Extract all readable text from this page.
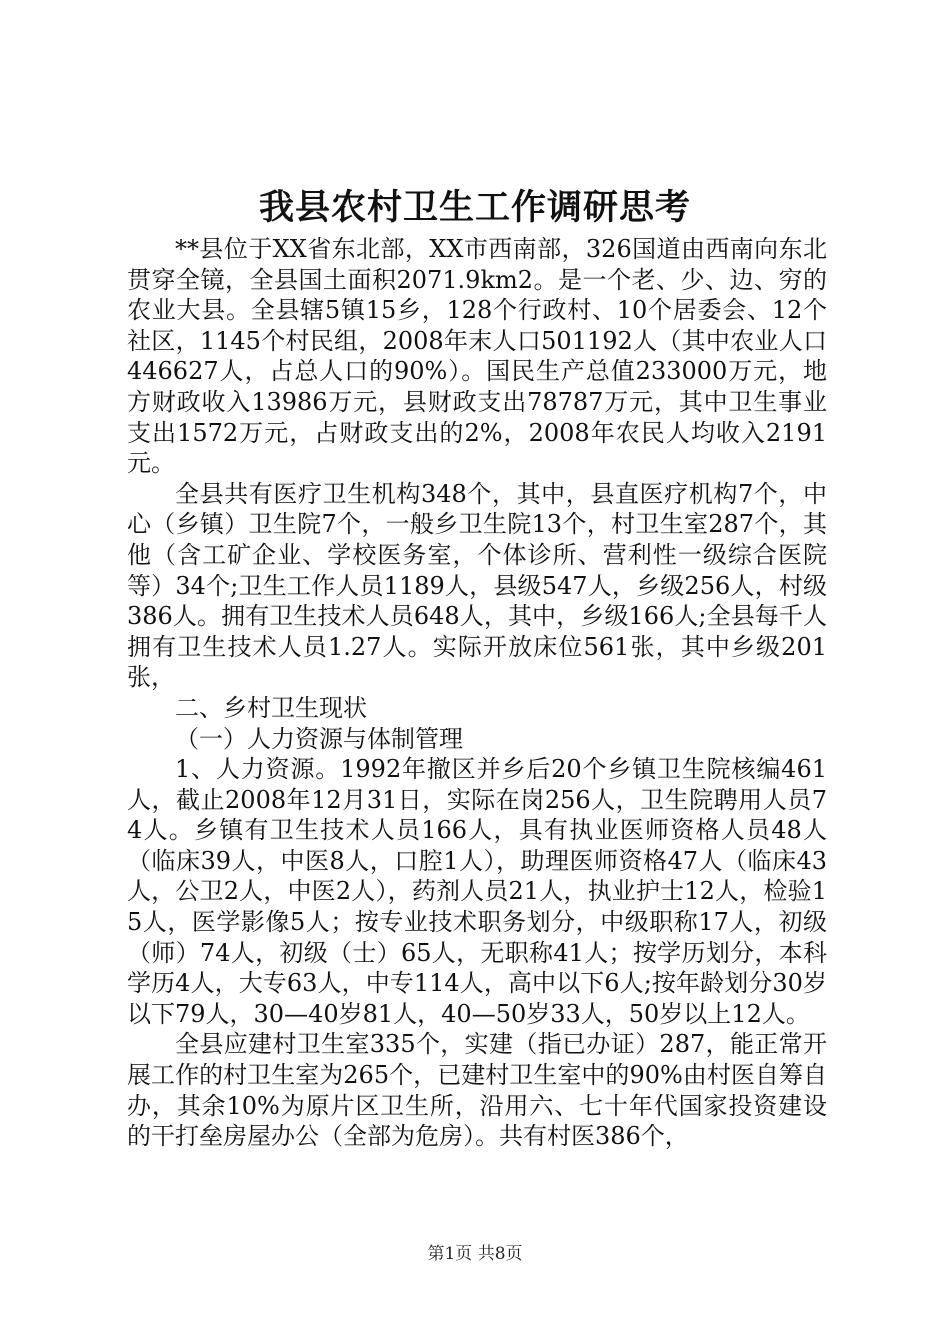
我县农村卫生工作调研思考

**县位于XX省东北部，XX市西南部，326国道由西南向东北贯穿全镜，全县国土面积2071.9km2。是一个老、少、边、穷的农业大县。全县辖5镇15乡，128个行政村、10个居委会、12个社区，1145个村民组，2008年末人口501192人（其中农业人口446627人，占总人口的90%）。国民生产总值233000万元，地方财政收入13986万元，县财政支出78787万元，其中卫生事业支出1572万元，占财政支出的2%，2008年农民人均收入2191元。

全县共有医疗卫生机构348个，其中，县直医疗机构7个，中心（乡镇）卫生院7个，一般乡卫生院13个，村卫生室287个，其他（含工矿企业、学校医务室，个体诊所、营利性一级综合医院等）34个;卫生工作人员1189人，县级547人，乡级256人，村级386人。拥有卫生技术人员648人，其中，乡级166人;全县每千人拥有卫生技术人员1.27人。实际开放床位561张，其中乡级201张，

二、乡村卫生现状

（一）人力资源与体制管理

1、人力资源。1992年撤区并乡后20个乡镇卫生院核编461人，截止2008年12月31日，实际在岗256人，卫生院聘用人员74人。乡镇有卫生技术人员166人，具有执业医师资格人员48人（临床39人，中医8人，口腔1人），助理医师资格47人（临床43人，公卫2人，中医2人），药剂人员21人，执业护士12人，检验15人，医学影像5人；按专业技术职务划分，中级职称17人，初级（师）74人，初级（士）65人，无职称41人；按学历划分，本科学历4人，大专63人，中专114人，高中以下6人;按年龄划分30岁以下79人，30—40岁81人，40—50岁33人，50岁以上12人。

全县应建村卫生室335个，实建（指已办证）287，能正常开展工作的村卫生室为265个，已建村卫生室中的90%由村医自筹自办，其余10%为原片区卫生所，沿用六、七十年代国家投资建设的干打垒房屋办公（全部为危房）。共有村医386个，

第1页 共8页
